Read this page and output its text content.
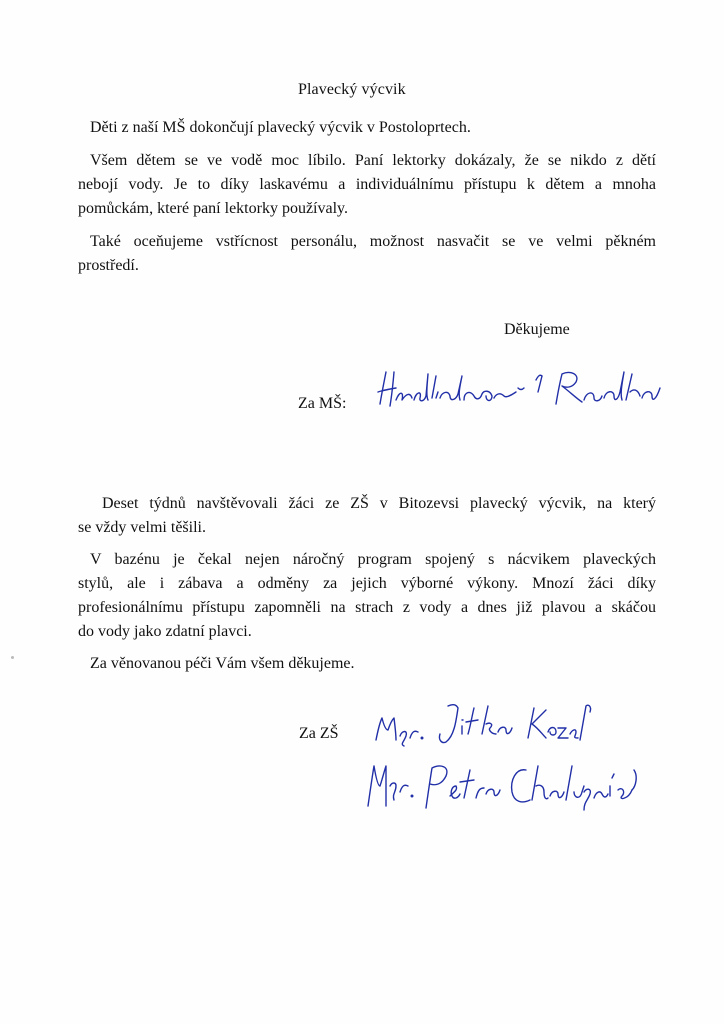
Plavecký výcvik
Děti z naší MŠ dokončují plavecký výcvik v Postoloprtech.
Všem dětem se ve vodě moc líbilo. Paní lektorky dokázaly, že se nikdo z dětí
nebojí vody. Je to díky laskavému a individuálnímu přístupu k dětem a mnoha
pomůckám, které paní lektorky používaly.
Také oceňujeme vstřícnost personálu, možnost nasvačit se ve velmi pěkném
prostředí.
Děkujeme
Za MŠ:
Deset týdnů navštěvovali žáci ze ZŠ v Bitozevsi plavecký výcvik, na který
se vždy velmi těšili.
V bazénu je čekal nejen náročný program spojený s nácvikem plaveckých
stylů, ale i zábava a odměny za jejich výborné výkony. Mnozí žáci díky
profesionálnímu přístupu zapomněli na strach z vody a dnes již plavou a skáčou
do vody jako zdatní plavci.
Za věnovanou péči Vám všem děkujeme.
Za ZŠ
